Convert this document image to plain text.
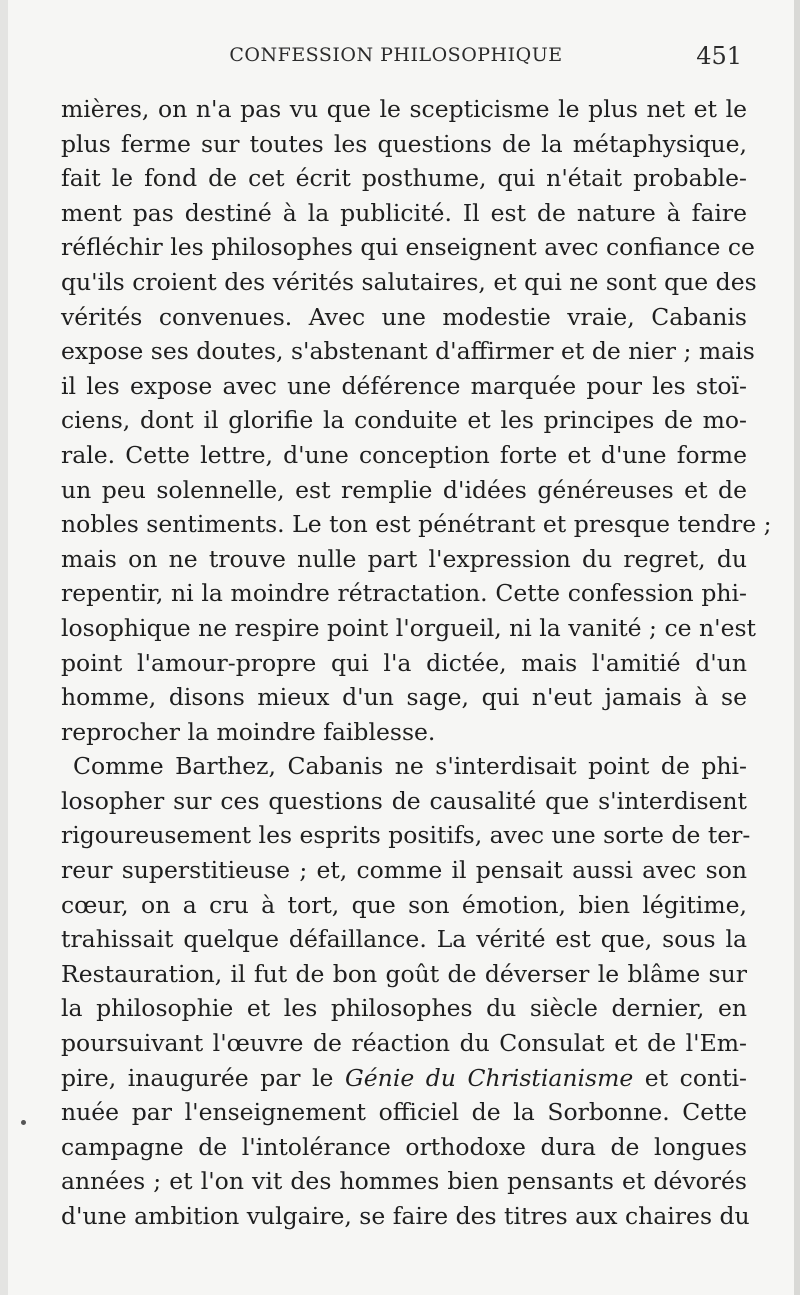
CONFESSION PHILOSOPHIQUE	451
mières, on n'a pas vu que le scepticisme le plus net et le
plus ferme sur toutes les questions de la métaphysique,
fait le fond de cet écrit posthume, qui n'était probable-
ment pas destiné à la publicité. Il est de nature à faire
réfléchir les philosophes qui enseignent avec confiance ce
qu'ils croient des vérités salutaires, et qui ne sont que des
vérités convenues. Avec une modestie vraie, Cabanis
expose ses doutes, s'abstenant d'affirmer et de nier ; mais
il les expose avec une déférence marquée pour les stoï-
ciens, dont il glorifie la conduite et les principes de mo-
rale. Cette lettre, d'une conception forte et d'une forme
un peu solennelle, est remplie d'idées généreuses et de
nobles sentiments. Le ton est pénétrant et presque tendre ;
mais on ne trouve nulle part l'expression du regret, du
repentir, ni la moindre rétractation. Cette confession phi-
losophique ne respire point l'orgueil, ni la vanité ; ce n'est
point l'amour-propre qui l'a dictée, mais l'amitié d'un
homme, disons mieux d'un sage, qui n'eut jamais à se
reprocher la moindre faiblesse.
Comme Barthez, Cabanis ne s'interdisait point de phi-
losopher sur ces questions de causalité que s'interdisent
rigoureusement les esprits positifs, avec une sorte de ter-
reur superstitieuse ; et, comme il pensait aussi avec son
cœur, on a cru à tort, que son émotion, bien légitime,
trahissait quelque défaillance. La vérité est que, sous la
Restauration, il fut de bon goût de déverser le blâme sur
la philosophie et les philosophes du siècle dernier, en
poursuivant l'œuvre de réaction du Consulat et de l'Em-
pire, inaugurée par le Génie du Christianisme et conti-
nuée par l'enseignement officiel de la Sorbonne. Cette
campagne de l'intolérance orthodoxe dura de longues
années ; et l'on vit des hommes bien pensants et dévorés
d'une ambition vulgaire, se faire des titres aux chaires du
